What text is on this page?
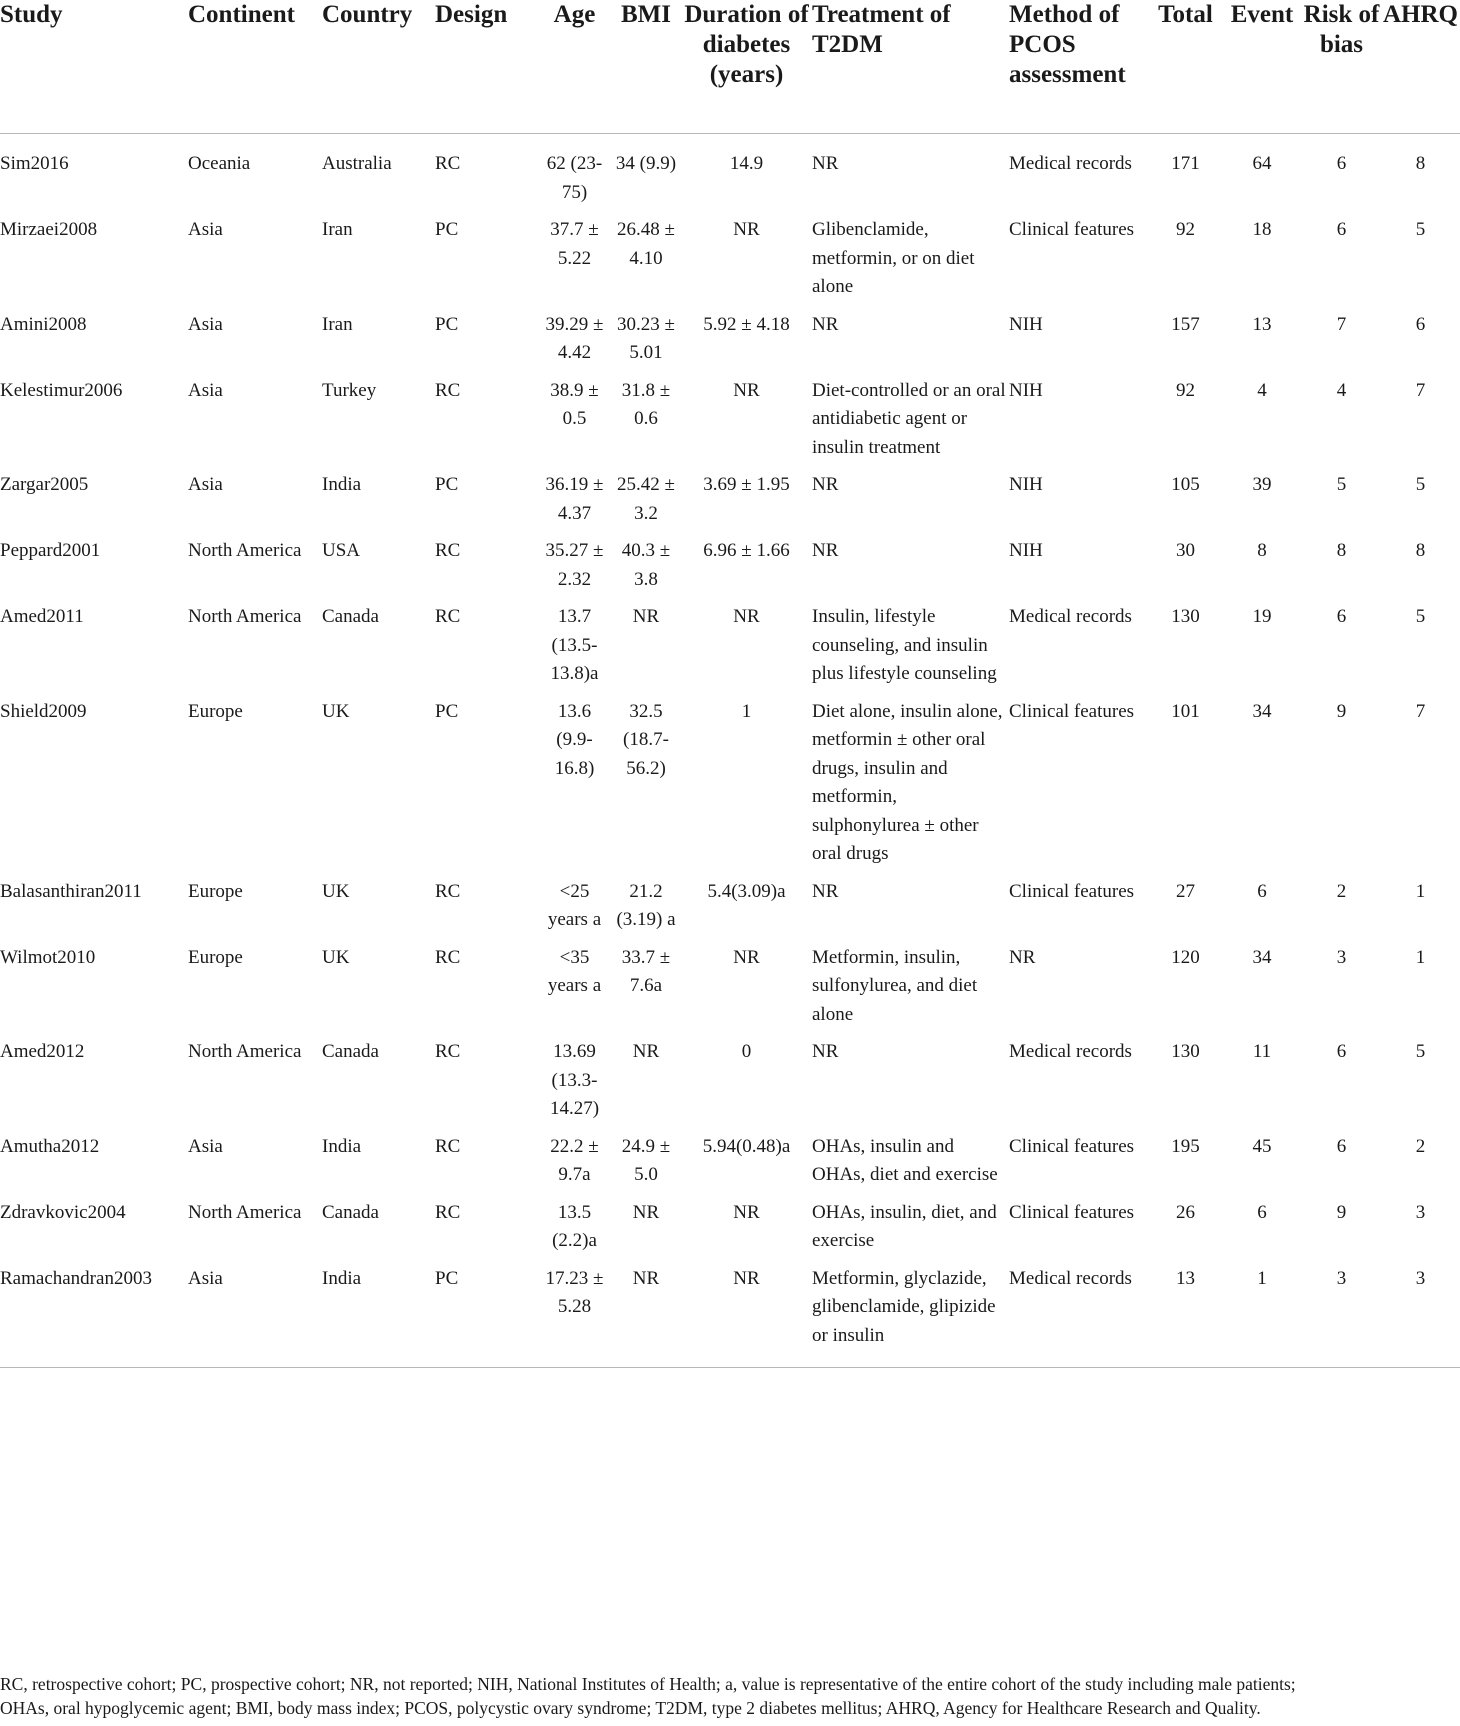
Study	Continent	Country	Design	Age	BMI	Duration of diabetes (years)	Treatment of T2DM	Method of PCOS assessment	Total	Event	Risk of bias	AHRQ
Sim2016	Oceania	Australia	RC	62 (23-75)	34 (9.9)	14.9	NR	Medical records	171	64	6	8
Mirzaei2008	Asia	Iran	PC	37.7 ± 5.22	26.48 ± 4.10	NR	Glibenclamide, metformin, or on diet alone	Clinical features	92	18	6	5
Amini2008	Asia	Iran	PC	39.29 ± 4.42	30.23 ± 5.01	5.92 ± 4.18	NR	NIH	157	13	7	6
Kelestimur2006	Asia	Turkey	RC	38.9 ± 0.5	31.8 ± 0.6	NR	Diet-controlled or an oral antidiabetic agent or insulin treatment	NIH	92	4	4	7
Zargar2005	Asia	India	PC	36.19 ± 4.37	25.42 ± 3.2	3.69 ± 1.95	NR	NIH	105	39	5	5
Peppard2001	North America	USA	RC	35.27 ± 2.32	40.3 ± 3.8	6.96 ± 1.66	NR	NIH	30	8	8	8
Amed2011	North America	Canada	RC	13.7 (13.5-13.8)a	NR	NR	Insulin, lifestyle counseling, and insulin plus lifestyle counseling	Medical records	130	19	6	5
Shield2009	Europe	UK	PC	13.6 (9.9-16.8)	32.5 (18.7-56.2)	1	Diet alone, insulin alone, metformin ± other oral drugs, insulin and metformin, sulphonylurea ± other oral drugs	Clinical features	101	34	9	7
Balasanthiran2011	Europe	UK	RC	<25 years a	21.2 (3.19) a	5.4(3.09)a	NR	Clinical features	27	6	2	1
Wilmot2010	Europe	UK	RC	<35 years a	33.7 ± 7.6a	NR	Metformin, insulin, sulfonylurea, and diet alone	NR	120	34	3	1
Amed2012	North America	Canada	RC	13.69 (13.3-14.27)	NR	0	NR	Medical records	130	11	6	5
Amutha2012	Asia	India	RC	22.2 ± 9.7a	24.9 ± 5.0	5.94(0.48)a	OHAs, insulin and OHAs, diet and exercise	Clinical features	195	45	6	2
Zdravkovic2004	North America	Canada	RC	13.5 (2.2)a	NR	NR	OHAs, insulin, diet, and exercise	Clinical features	26	6	9	3
Ramachandran2003	Asia	India	PC	17.23 ± 5.28	NR	NR	Metformin, glyclazide, glibenclamide, glipizide or insulin	Medical records	13	1	3	3

RC, retrospective cohort; PC, prospective cohort; NR, not reported; NIH, National Institutes of Health; a, value is representative of the entire cohort of the study including male patients;

OHAs, oral hypoglycemic agent; BMI, body mass index; PCOS, polycystic ovary syndrome; T2DM, type 2 diabetes mellitus; AHRQ, Agency for Healthcare Research and Quality.
